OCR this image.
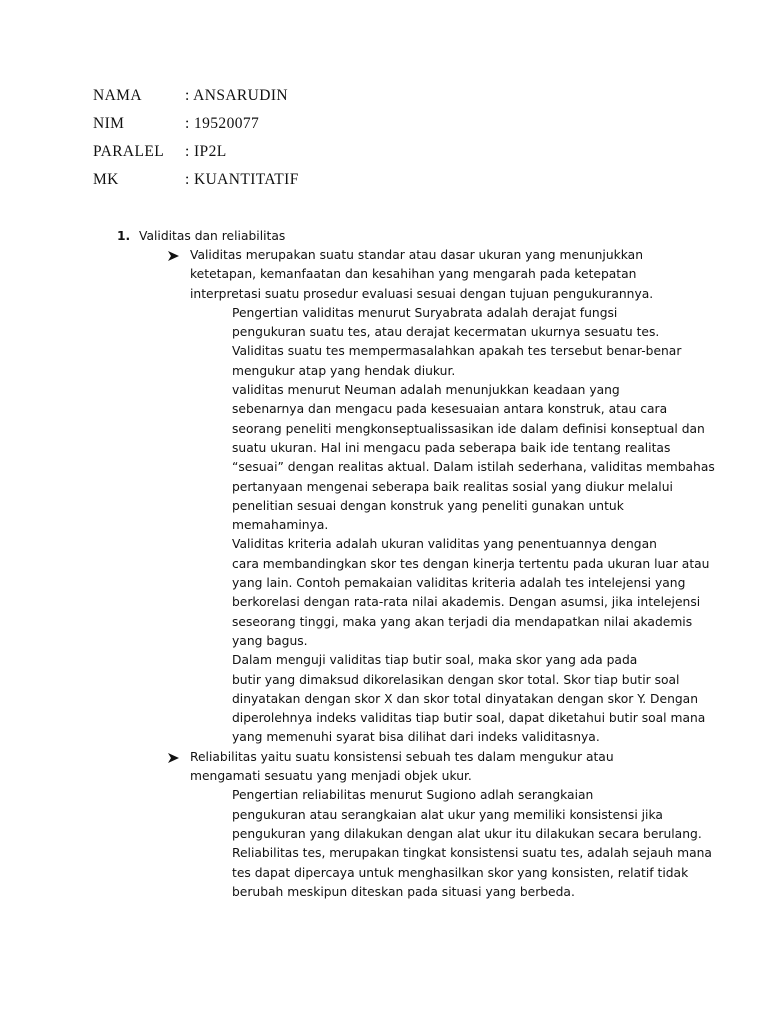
NAMA	: ANSARUDIN
NIM	: 19520077
PARALEL	: IP2L
MK	: KUANTITATIF
1. Validitas dan reliabilitas
Validitas merupakan suatu standar atau dasar ukuran yang menunjukkan
ketetapan, kemanfaatan dan kesahihan yang mengarah pada ketepatan
interpretasi suatu prosedur evaluasi sesuai dengan tujuan pengukurannya.
Pengertian validitas menurut Suryabrata adalah derajat fungsi
pengukuran suatu tes, atau derajat kecermatan ukurnya sesuatu tes.
Validitas suatu tes mempermasalahkan apakah tes tersebut benar-benar
mengukur atap yang hendak diukur.
validitas menurut Neuman adalah menunjukkan keadaan yang
sebenarnya dan mengacu pada kesesuaian antara konstruk, atau cara
seorang peneliti mengkonseptualissasikan ide dalam definisi konseptual dan
suatu ukuran. Hal ini mengacu pada seberapa baik ide tentang realitas
“sesuai” dengan realitas aktual. Dalam istilah sederhana, validitas membahas
pertanyaan mengenai seberapa baik realitas sosial yang diukur melalui
penelitian sesuai dengan konstruk yang peneliti gunakan untuk
memahaminya.
Validitas kriteria adalah ukuran validitas yang penentuannya dengan
cara membandingkan skor tes dengan kinerja tertentu pada ukuran luar atau
yang lain. Contoh pemakaian validitas kriteria adalah tes intelejensi yang
berkorelasi dengan rata-rata nilai akademis. Dengan asumsi, jika intelejensi
seseorang tinggi, maka yang akan terjadi dia mendapatkan nilai akademis
yang bagus.
Dalam menguji validitas tiap butir soal, maka skor yang ada pada
butir yang dimaksud dikorelasikan dengan skor total. Skor tiap butir soal
dinyatakan dengan skor X dan skor total dinyatakan dengan skor Y. Dengan
diperolehnya indeks validitas tiap butir soal, dapat diketahui butir soal mana
yang memenuhi syarat bisa dilihat dari indeks validitasnya.
Reliabilitas yaitu suatu konsistensi sebuah tes dalam mengukur atau
mengamati sesuatu yang menjadi objek ukur.
Pengertian reliabilitas menurut Sugiono adlah serangkaian
pengukuran atau serangkaian alat ukur yang memiliki konsistensi jika
pengukuran yang dilakukan dengan alat ukur itu dilakukan secara berulang.
Reliabilitas tes, merupakan tingkat konsistensi suatu tes, adalah sejauh mana
tes dapat dipercaya untuk menghasilkan skor yang konsisten, relatif tidak
berubah meskipun diteskan pada situasi yang berbeda.
